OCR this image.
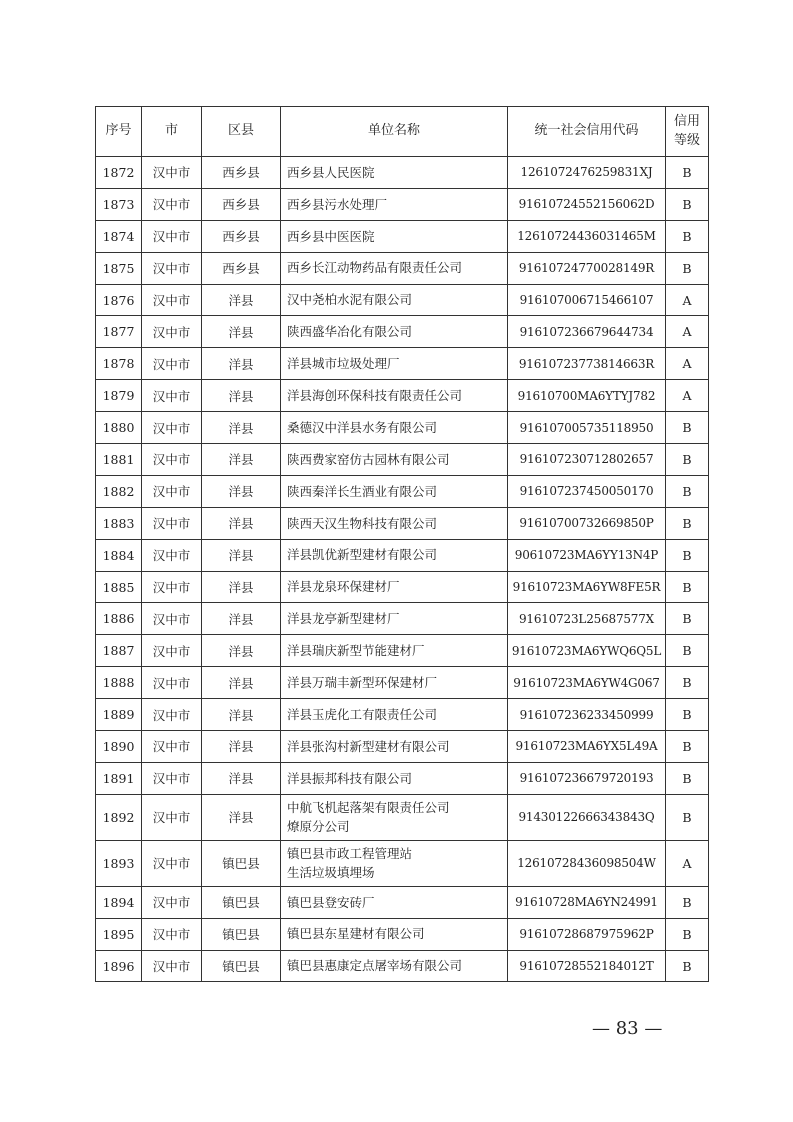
序号	市	区县	单位名称	统一社会信用代码	信用
等级

1872	汉中市	西乡县	西乡县人民医院	1261072476259831XJ	B
1873	汉中市	西乡县	西乡县污水处理厂	91610724552156062D	B
1874	汉中市	西乡县	西乡县中医医院	12610724436031465M	B
1875	汉中市	西乡县	西乡长江动物药品有限责任公司	91610724770028149R	B
1876	汉中市	洋县	汉中尧柏水泥有限公司	916107006715466107	A
1877	汉中市	洋县	陕西盛华冶化有限公司	916107236679644734	A
1878	汉中市	洋县	洋县城市垃圾处理厂	91610723773814663R	A
1879	汉中市	洋县	洋县海创环保科技有限责任公司	91610700MA6YTYJ782	A
1880	汉中市	洋县	桑德汉中洋县水务有限公司	916107005735118950	B
1881	汉中市	洋县	陕西费家窑仿古园林有限公司	916107230712802657	B
1882	汉中市	洋县	陕西秦洋长生酒业有限公司	916107237450050170	B
1883	汉中市	洋县	陕西天汉生物科技有限公司	91610700732669850P	B
1884	汉中市	洋县	洋县凯优新型建材有限公司	90610723MA6YY13N4P	B
1885	汉中市	洋县	洋县龙泉环保建材厂	91610723MA6YW8FE5R	B
1886	汉中市	洋县	洋县龙亭新型建材厂	91610723L25687577X	B
1887	汉中市	洋县	洋县瑞庆新型节能建材厂	91610723MA6YWQ6Q5L	B
1888	汉中市	洋县	洋县万瑞丰新型环保建材厂	91610723MA6YW4G067	B
1889	汉中市	洋县	洋县玉虎化工有限责任公司	916107236233450999	B
1890	汉中市	洋县	洋县张沟村新型建材有限公司	91610723MA6YX5L49A	B
1891	汉中市	洋县	洋县振邦科技有限公司	916107236679720193	B
1892	汉中市	洋县	中航飞机起落架有限责任公司
燎原分公司	91430122666343843Q	B
1893	汉中市	镇巴县	镇巴县市政工程管理站
生活垃圾填埋场	12610728436098504W	A
1894	汉中市	镇巴县	镇巴县登安砖厂	91610728MA6YN24991	B
1895	汉中市	镇巴县	镇巴县东星建材有限公司	91610728687975962P	B
1896	汉中市	镇巴县	镇巴县惠康定点屠宰场有限公司	91610728552184012T	B
— 83 —
